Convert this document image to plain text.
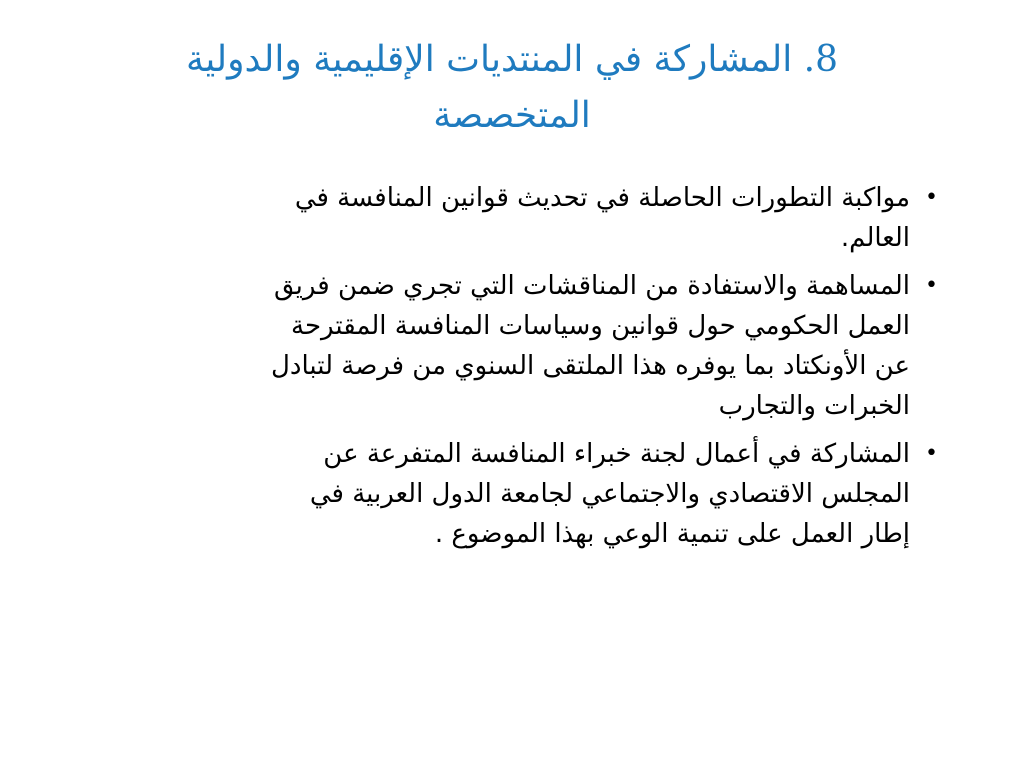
8. المشاركة في المنتديات الإقليمية والدولية
المتخصصة
•
مواكبة التطورات الحاصلة في تحديث قوانين المنافسة في
العالم.
•
المساهمة والاستفادة من المناقشات التي تجري ضمن فريق
العمل الحكومي حول قوانين وسياسات المنافسة المقترحة
عن الأونكتاد بما يوفره هذا الملتقى السنوي من فرصة لتبادل
الخبرات والتجارب
•
المشاركة في أعمال لجنة خبراء المنافسة المتفرعة عن
المجلس الاقتصادي والاجتماعي لجامعة الدول العربية في
إطار العمل على تنمية الوعي بهذا الموضوع .
